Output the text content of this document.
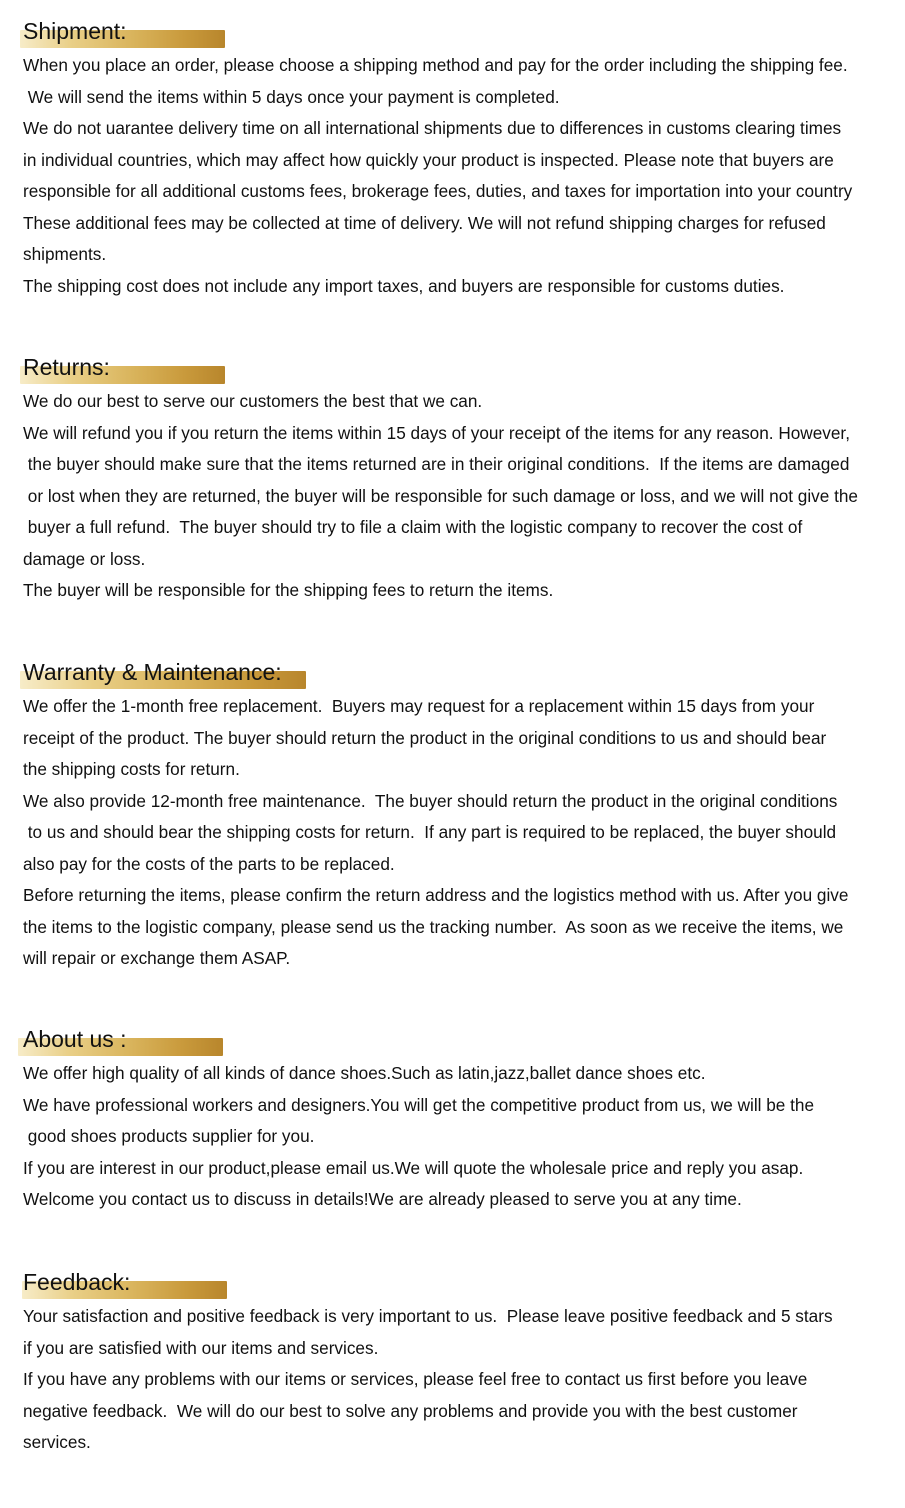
Shipment:
When you place an order, please choose a shipping method and pay for the order including the shipping fee.
We will send the items within 5 days once your payment is completed.
We do not uarantee delivery time on all international shipments due to differences in customs clearing times
in individual countries, which may affect how quickly your product is inspected. Please note that buyers are
responsible for all additional customs fees, brokerage fees, duties, and taxes for importation into your country
These additional fees may be collected at time of delivery. We will not refund shipping charges for refused
shipments.
The shipping cost does not include any import taxes, and buyers are responsible for customs duties.
Returns:
We do our best to serve our customers the best that we can.
We will refund you if you return the items within 15 days of your receipt of the items for any reason. However,
the buyer should make sure that the items returned are in their original conditions.  If the items are damaged
or lost when they are returned, the buyer will be responsible for such damage or loss, and we will not give the
buyer a full refund.  The buyer should try to file a claim with the logistic company to recover the cost of
damage or loss.
The buyer will be responsible for the shipping fees to return the items.
Warranty & Maintenance:
We offer the 1-month free replacement.  Buyers may request for a replacement within 15 days from your
receipt of the product. The buyer should return the product in the original conditions to us and should bear
the shipping costs for return.
We also provide 12-month free maintenance.  The buyer should return the product in the original conditions
to us and should bear the shipping costs for return.  If any part is required to be replaced, the buyer should
also pay for the costs of the parts to be replaced.
Before returning the items, please confirm the return address and the logistics method with us. After you give
the items to the logistic company, please send us the tracking number.  As soon as we receive the items, we
will repair or exchange them ASAP.
About us :
We offer high quality of all kinds of dance shoes.Such as latin,jazz,ballet dance shoes etc.
We have professional workers and designers.You will get the competitive product from us, we will be the
good shoes products supplier for you.
If you are interest in our product,please email us.We will quote the wholesale price and reply you asap.
Welcome you contact us to discuss in details!We are already pleased to serve you at any time.
Feedback:
Your satisfaction and positive feedback is very important to us.  Please leave positive feedback and 5 stars
if you are satisfied with our items and services.
If you have any problems with our items or services, please feel free to contact us first before you leave
negative feedback.  We will do our best to solve any problems and provide you with the best customer
services.
